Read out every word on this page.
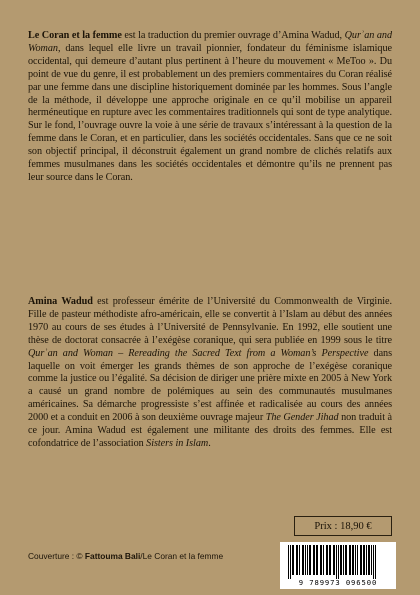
Le Coran et la femme est la traduction du premier ouvrage d’Amina Wadud, Qurʾan and Woman, dans lequel elle livre un travail pionnier, fondateur du féminisme islamique occidental, qui demeure d’autant plus pertinent à l’heure du mouvement « MeToo ». Du point de vue du genre, il est probablement un des premiers commentaires du Coran réalisé par une femme dans une discipline historiquement dominée par les hommes. Sous l’angle de la méthode, il développe une approche originale en ce qu’il mobilise un appareil herméneutique en rupture avec les commentaires traditionnels qui sont de type analytique. Sur le fond, l’ouvrage ouvre la voie à une série de travaux s’intéressant à la question de la femme dans le Coran, et en particulier, dans les sociétés occidentales. Sans que ce ne soit son objectif principal, il déconstruit également un grand nombre de clichés relatifs aux femmes musulmanes dans les sociétés occidentales et démontre qu’ils ne prennent pas leur source dans le Coran.

Amina Wadud est professeur émérite de l’Université du Commonwealth de Virginie. Fille de pasteur méthodiste afro-américain, elle se convertit à l’Islam au début des années 1970 au cours de ses études à l’Université de Pennsylvanie. En 1992, elle soutient une thèse de doctorat consacrée à l’exégèse coranique, qui sera publiée en 1999 sous le titre Qurʾan and Woman – Rereading the Sacred Text from a Woman’s Perspective dans laquelle on voit émerger les grands thèmes de son approche de l’exégèse coranique comme la justice ou l’égalité. Sa décision de diriger une prière mixte en 2005 à New York a causé un grand nombre de polémiques au sein des communautés musulmanes américaines. Sa démarche progressiste s’est affinée et radicalisée au cours des années 2000 et a conduit en 2006 à son deuxième ouvrage majeur The Gender Jihad non traduit à ce jour. Amina Wadud est également une militante des droits des femmes. Elle est cofondatrice de l’association Sisters in Islam.

Prix : 18,90 €
9 789973 096500
Couverture : © Fattouma Bali/Le Coran et la femme
